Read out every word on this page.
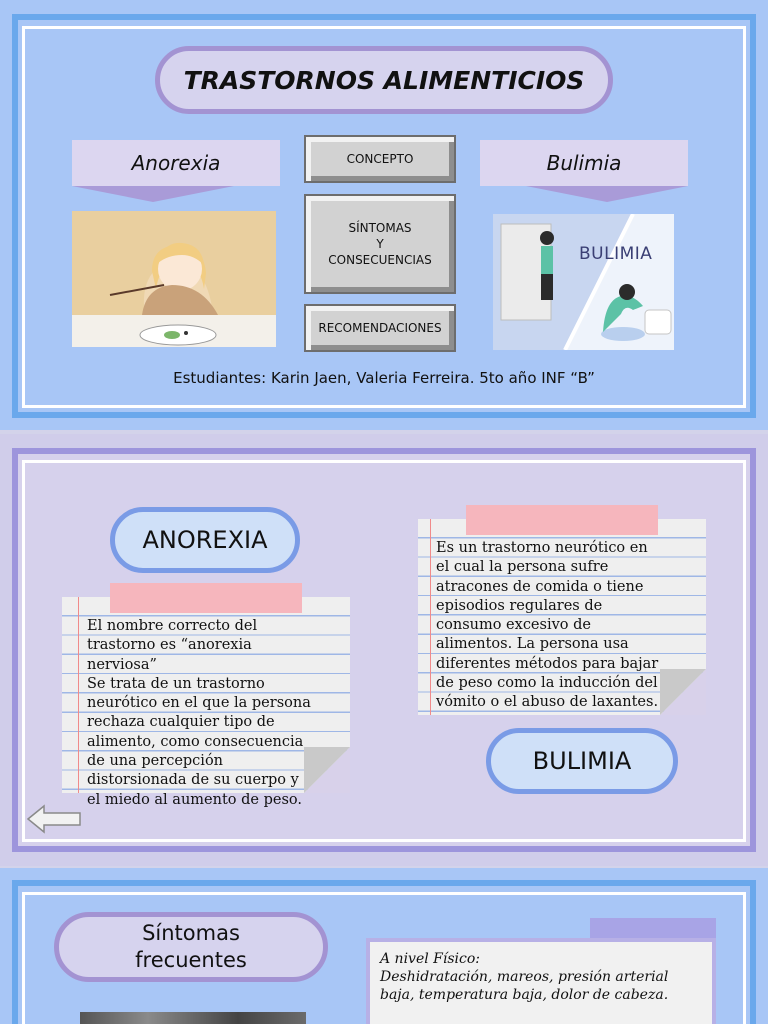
TRASTORNOS ALIMENTICIOS
Anorexia	Bulimia
CONCEPTO
SÍNTOMAS
Y
CONSECUENCIAS
RECOMENDACIONES
BULIMIA
Estudiantes: Karin Jaen, Valeria Ferreira. 5to año INF “B”
ANOREXIA

El nombre correcto del
trastorno es “anorexia
nerviosa”
Se trata de un trastorno
neurótico en el que la persona
rechaza cualquier tipo de
alimento, como consecuencia
de una percepción
distorsionada de su cuerpo y
el miedo al aumento de peso.

Es un trastorno neurótico en
el cual la persona sufre
atracones de comida o tiene
episodios regulares de
consumo excesivo de
alimentos. La persona usa
diferentes métodos para bajar
de peso como la inducción del
vómito o el abuso de laxantes.

BULIMIA
Síntomas
frecuentes	A nivel Físico:
Deshidratación, mareos, presión arterial
baja, temperatura baja, dolor de cabeza.
